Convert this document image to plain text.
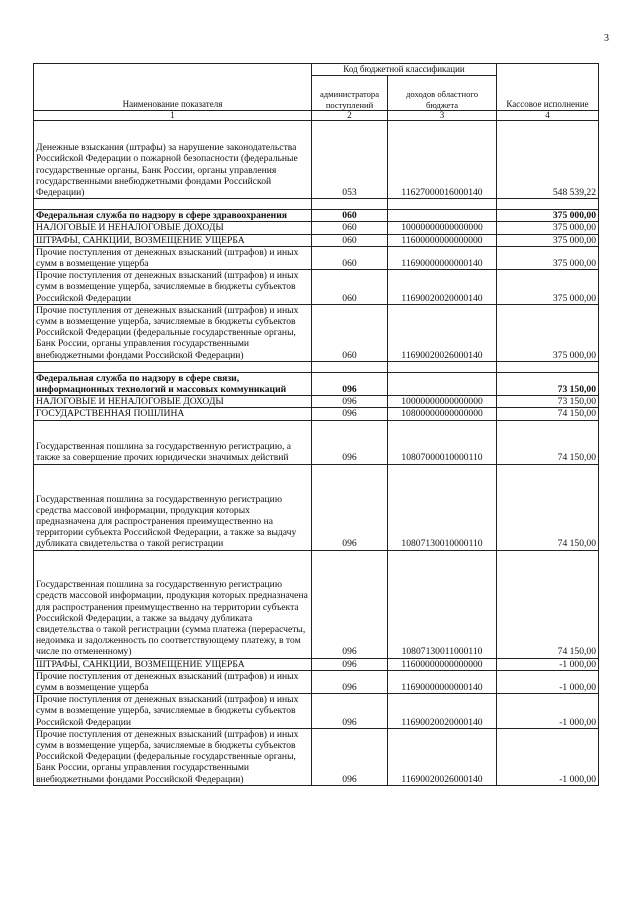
3
Наименование показателя	Код бюджетной классификации		Кассовое исполнение
	администратора поступлений	доходов областного бюджета	
1	2	3	4
Денежные взыскания (штрафы) за нарушение законодательства Российской Федерации о пожарной безопасности (федеральные государственные органы, Банк России, органы управления государственными внебюджетными фондами Российской Федерации)	053	11627000016000140	548 539,22

Федеральная служба по надзору в сфере здравоохранения	060		375 000,00
НАЛОГОВЫЕ И НЕНАЛОГОВЫЕ ДОХОДЫ	060	10000000000000000	375 000,00
ШТРАФЫ, САНКЦИИ, ВОЗМЕЩЕНИЕ УЩЕРБА	060	11600000000000000	375 000,00
Прочие поступления от денежных взысканий (штрафов) и иных сумм в возмещение ущерба	060	11690000000000140	375 000,00
Прочие поступления от денежных взысканий (штрафов) и иных сумм в возмещение ущерба, зачисляемые в бюджеты субъектов Российской Федерации	060	11690020020000140	375 000,00
Прочие поступления от денежных взысканий (штрафов) и иных сумм в возмещение ущерба, зачисляемые в бюджеты субъектов Российской Федерации (федеральные государственные органы, Банк России, органы управления государственными внебюджетными фондами Российской Федерации)	060	11690020026000140	375 000,00

Федеральная служба по надзору в сфере связи, информационных технологий и массовых коммуникаций	096		73 150,00
НАЛОГОВЫЕ И НЕНАЛОГОВЫЕ ДОХОДЫ	096	10000000000000000	73 150,00
ГОСУДАРСТВЕННАЯ ПОШЛИНА	096	10800000000000000	74 150,00
Государственная пошлина за государственную регистрацию, а также за совершение прочих юридически значимых действий	096	10807000010000110	74 150,00
Государственная пошлина за государственную регистрацию средства массовой информации, продукция которых предназначена для распространения преимущественно на территории субъекта Российской Федерации, а также за выдачу дубликата свидетельства о такой регистрации	096	10807130010000110	74 150,00
Государственная пошлина за государственную регистрацию средств массовой информации, продукция которых предназначена для распространения преимущественно на территории субъекта Российской Федерации, а также за выдачу дубликата свидетельства о такой регистрации (сумма платежа (перерасчеты, недоимка и задолженность по соответствующему платежу, в том числе по отмененному)	096	10807130011000110	74 150,00
ШТРАФЫ, САНКЦИИ, ВОЗМЕЩЕНИЕ УЩЕРБА	096	11600000000000000	-1 000,00
Прочие поступления от денежных взысканий (штрафов) и иных сумм в возмещение ущерба	096	11690000000000140	-1 000,00
Прочие поступления от денежных взысканий (штрафов) и иных сумм в возмещение ущерба, зачисляемые в бюджеты субъектов Российской Федерации	096	11690020020000140	-1 000,00
Прочие поступления от денежных взысканий (штрафов) и иных сумм в возмещение ущерба, зачисляемые в бюджеты субъектов Российской Федерации (федеральные государственные органы, Банк России, органы управления государственными внебюджетными фондами Российской Федерации)	096	11690020026000140	-1 000,00
